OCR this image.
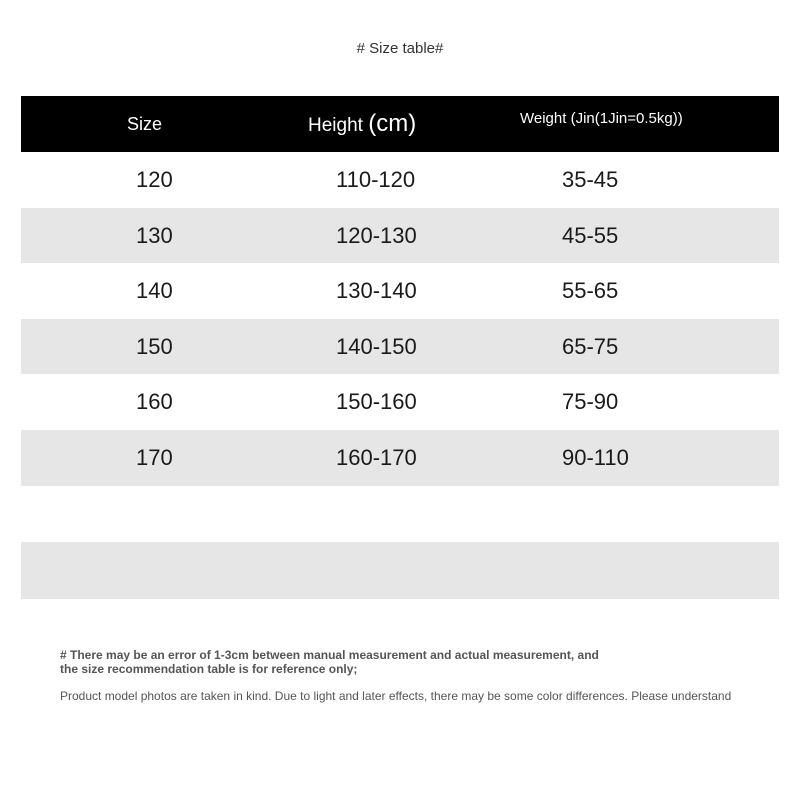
# Size table#
Size	Height (cm)	Weight (Jin(1Jin=0.5kg))
120	110-120	35-45
130	120-130	45-55
140	130-140	55-65
150	140-150	65-75
160	150-160	75-90
170	160-170	90-110
# There may be an error of 1-3cm between manual measurement and actual measurement, and the size recommendation table is for reference only;
Product model photos are taken in kind. Due to light and later effects, there may be some color differences. Please understand
